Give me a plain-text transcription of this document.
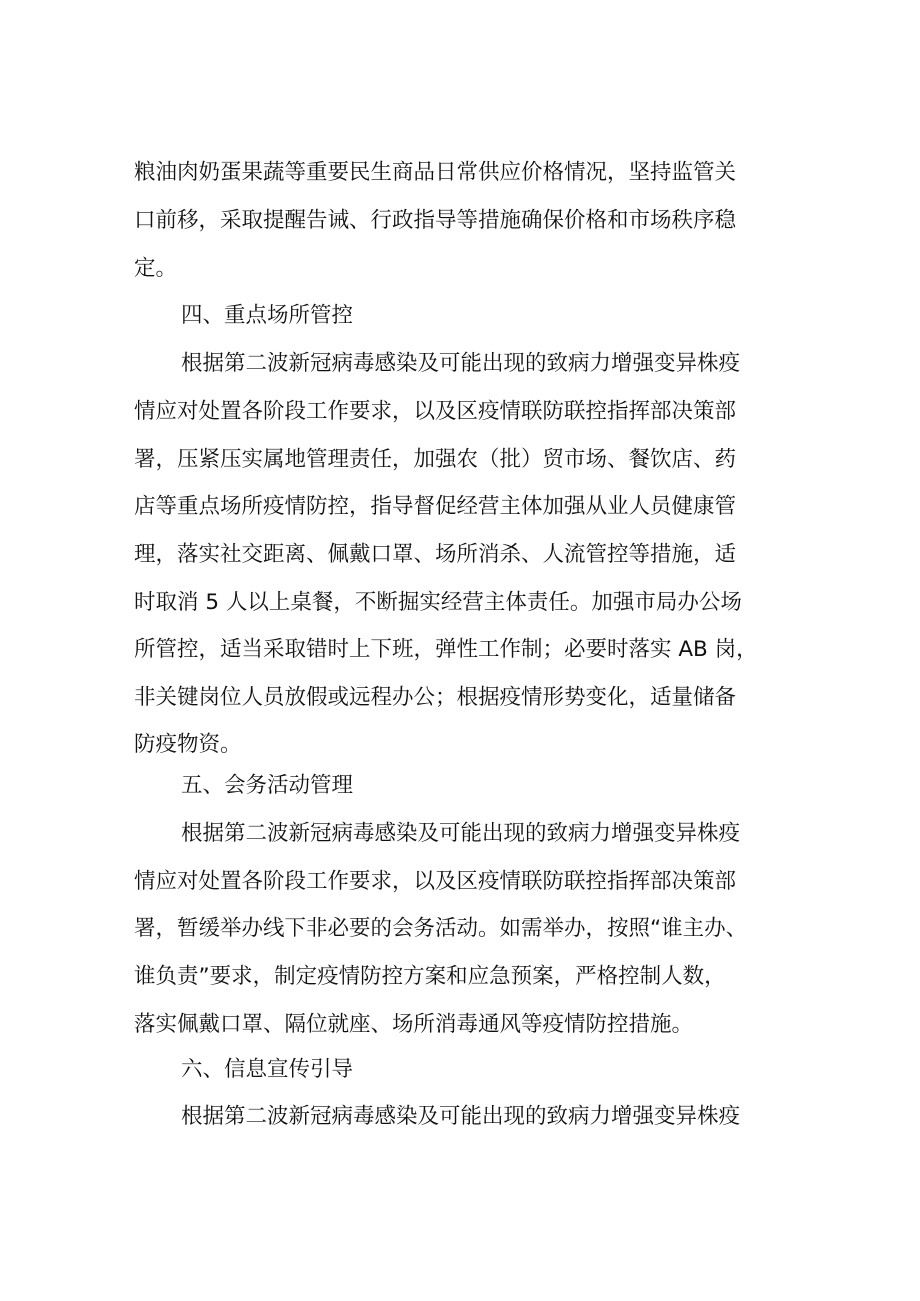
粮油肉奶蛋果蔬等重要民生商品日常供应价格情况，坚持监管关
口前移，采取提醒告诫、行政指导等措施确保价格和市场秩序稳
定。
四、重点场所管控
根据第二波新冠病毒感染及可能出现的致病力增强变异株疫
情应对处置各阶段工作要求，以及区疫情联防联控指挥部决策部
署，压紧压实属地管理责任，加强农（批）贸市场、餐饮店、药
店等重点场所疫情防控，指导督促经营主体加强从业人员健康管
理，落实社交距离、佩戴口罩、场所消杀、人流管控等措施，适
时取消 5 人以上桌餐，不断掘实经营主体责任。加强市局办公场
所管控，适当采取错时上下班，弹性工作制；必要时落实 AB 岗，
非关键岗位人员放假或远程办公；根据疫情形势变化，适量储备
防疫物资。
五、会务活动管理
根据第二波新冠病毒感染及可能出现的致病力增强变异株疫
情应对处置各阶段工作要求，以及区疫情联防联控指挥部决策部
署，暂缓举办线下非必要的会务活动。如需举办，按照“谁主办、
谁负责”要求，制定疫情防控方案和应急预案，严格控制人数，
落实佩戴口罩、隔位就座、场所消毒通风等疫情防控措施。
六、信息宣传引导
根据第二波新冠病毒感染及可能出现的致病力增强变异株疫
